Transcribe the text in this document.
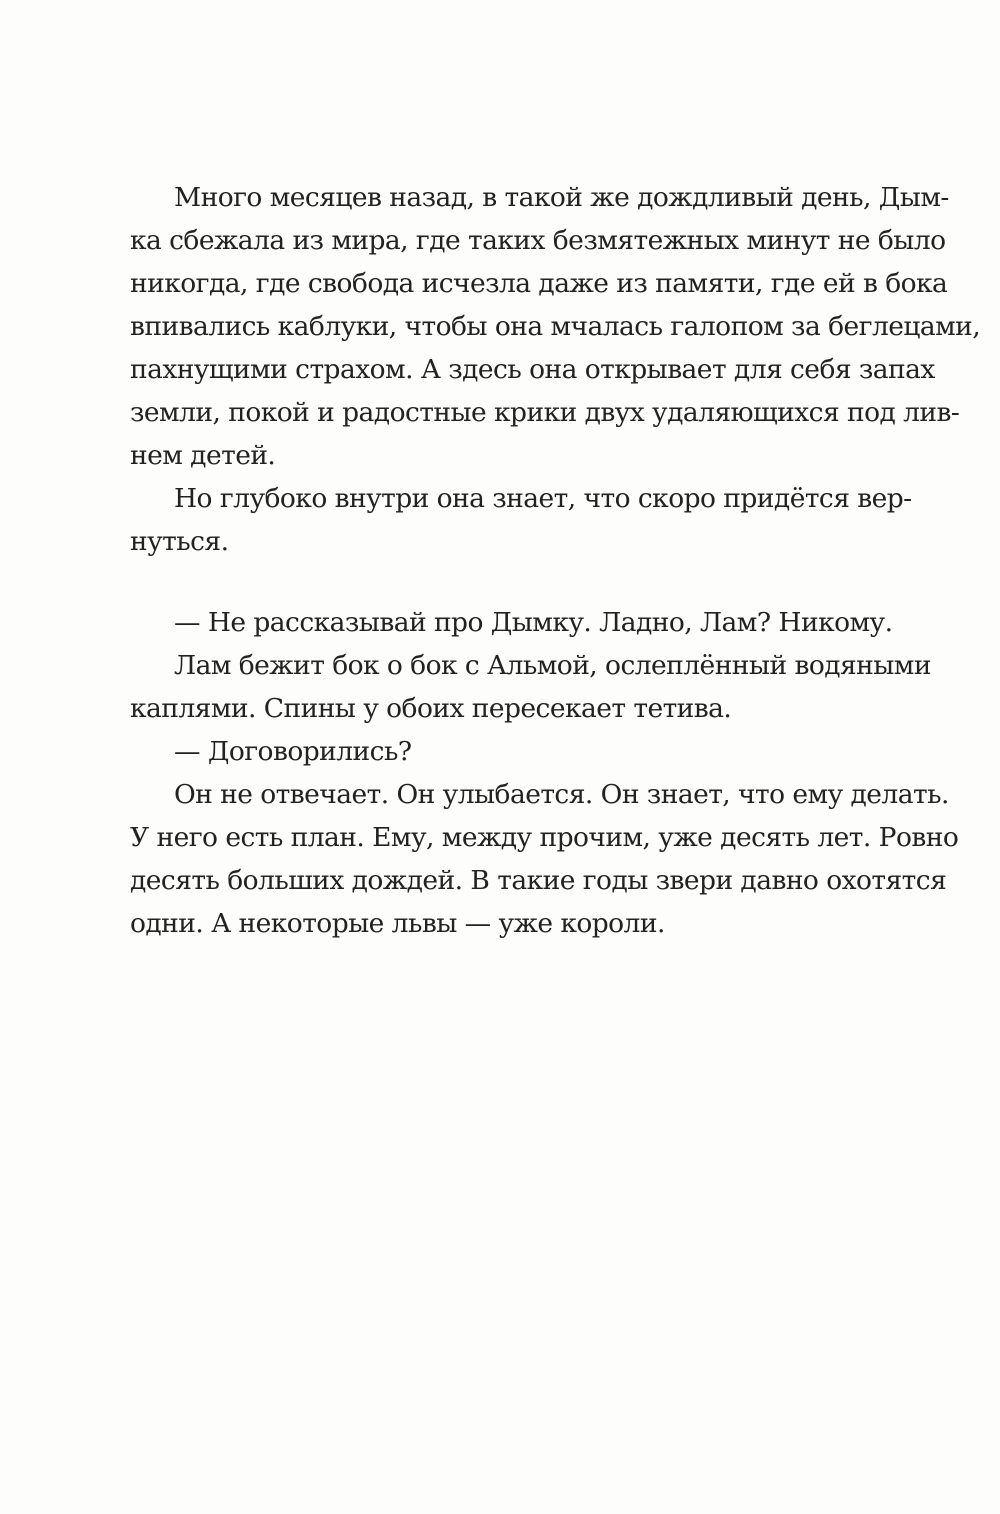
Много месяцев назад, в такой же дождливый день, Дым-
ка сбежала из мира, где таких безмятежных минут не было
никогда, где свобода исчезла даже из памяти, где ей в бока
впивались каблуки, чтобы она мчалась галопом за беглецами,
пахнущими страхом. А здесь она открывает для себя запах
земли, покой и радостные крики двух удаляющихся под лив-
нем детей.
Но глубоко внутри она знает, что скоро придётся вер-
нуться.
— Не рассказывай про Дымку. Ладно, Лам? Никому.
Лам бежит бок о бок с Альмой, ослеплённый водяными
каплями. Спины у обоих пересекает тетива.
— Договорились?
Он не отвечает. Он улыбается. Он знает, что ему делать.
У него есть план. Ему, между прочим, уже десять лет. Ровно
десять больших дождей. В такие годы звери давно охотятся
одни. А некоторые львы — уже короли.
